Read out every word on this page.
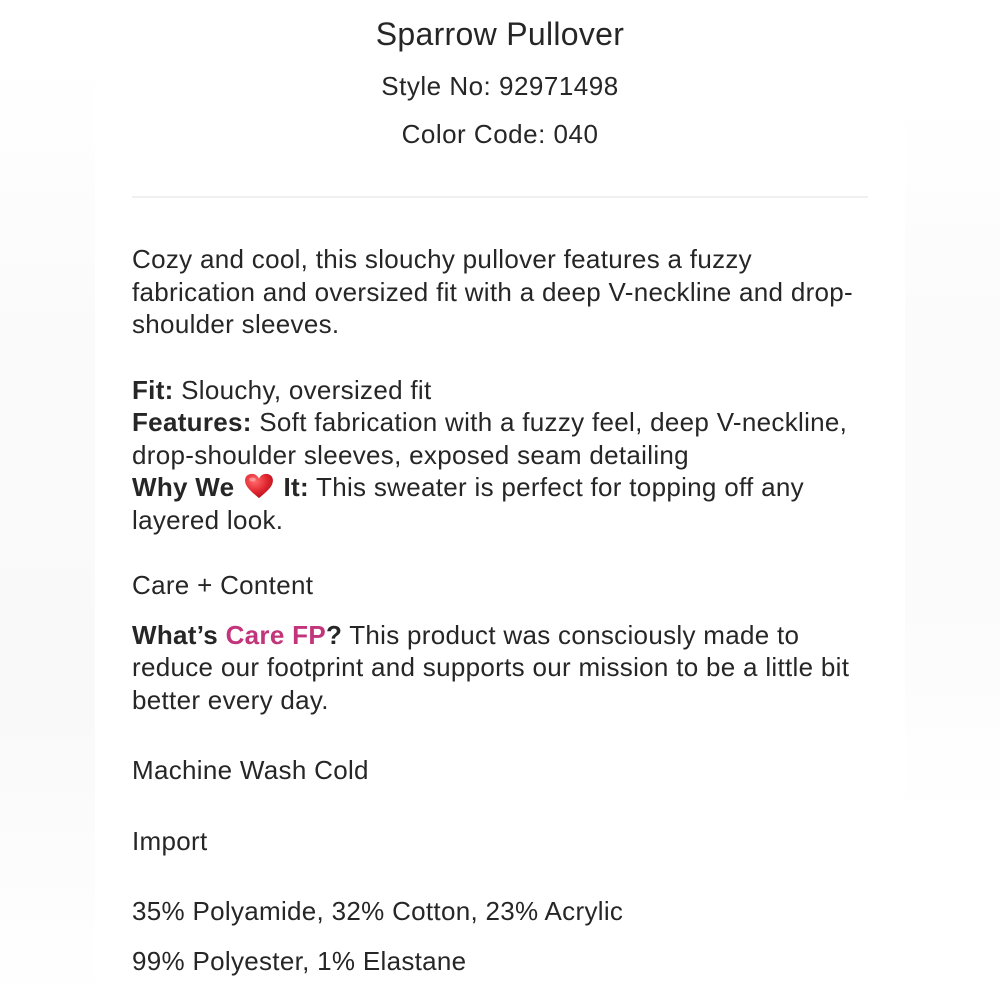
Sparrow Pullover
Style No: 92971498
Color Code: 040

Cozy and cool, this slouchy pullover features a fuzzy fabrication and oversized fit with a deep V-neckline and drop-shoulder sleeves.

Fit: Slouchy, oversized fit
Features: Soft fabrication with a fuzzy feel, deep V-neckline, drop-shoulder sleeves, exposed seam detailing
Why We It: This sweater is perfect for topping off any layered look.

Care + Content

What’s Care FP? This product was consciously made to reduce our footprint and supports our mission to be a little bit better every day.

Machine Wash Cold

Import

35% Polyamide, 32% Cotton, 23% Acrylic

99% Polyester, 1% Elastane
